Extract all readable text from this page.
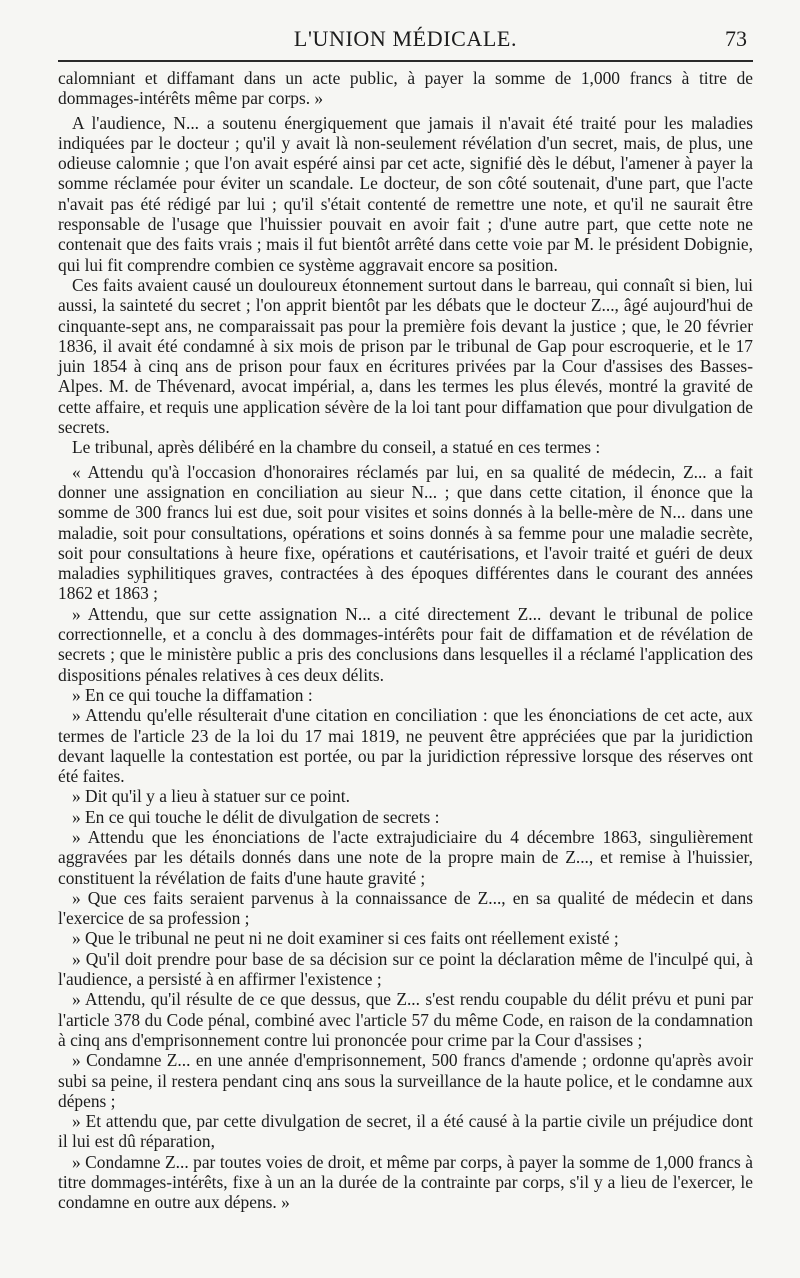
L'UNION MÉDICALE.	73

calomniant et diffamant dans un acte public, à payer la somme de 1,000 francs à titre de dommages-intérêts même par corps. »

A l'audience, N... a soutenu énergiquement que jamais il n'avait été traité pour les maladies indiquées par le docteur ; qu'il y avait là non-seulement révélation d'un secret, mais, de plus, une odieuse calomnie ; que l'on avait espéré ainsi par cet acte, signifié dès le début, l'amener à payer la somme réclamée pour éviter un scandale. Le docteur, de son côté soutenait, d'une part, que l'acte n'avait pas été rédigé par lui ; qu'il s'était contenté de remettre une note, et qu'il ne saurait être responsable de l'usage que l'huissier pouvait en avoir fait ; d'une autre part, que cette note ne contenait que des faits vrais ; mais il fut bientôt arrêté dans cette voie par M. le président Dobignie, qui lui fit comprendre combien ce système aggravait encore sa position.

Ces faits avaient causé un douloureux étonnement surtout dans le barreau, qui connaît si bien, lui aussi, la sainteté du secret ; l'on apprit bientôt par les débats que le docteur Z..., âgé aujourd'hui de cinquante-sept ans, ne comparaissait pas pour la première fois devant la justice ; que, le 20 février 1836, il avait été condamné à six mois de prison par le tribunal de Gap pour escroquerie, et le 17 juin 1854 à cinq ans de prison pour faux en écritures privées par la Cour d'assises des Basses-Alpes. M. de Thévenard, avocat impérial, a, dans les termes les plus élevés, montré la gravité de cette affaire, et requis une application sévère de la loi tant pour diffamation que pour divulgation de secrets.

Le tribunal, après délibéré en la chambre du conseil, a statué en ces termes :

« Attendu qu'à l'occasion d'honoraires réclamés par lui, en sa qualité de médecin, Z... a fait donner une assignation en conciliation au sieur N... ; que dans cette citation, il énonce que la somme de 300 francs lui est due, soit pour visites et soins donnés à la belle-mère de N... dans une maladie, soit pour consultations, opérations et soins donnés à sa femme pour une maladie secrète, soit pour consultations à heure fixe, opérations et cautérisations, et l'avoir traité et guéri de deux maladies syphilitiques graves, contractées à des époques différentes dans le courant des années 1862 et 1863 ;

» Attendu, que sur cette assignation N... a cité directement Z... devant le tribunal de police correctionnelle, et a conclu à des dommages-intérêts pour fait de diffamation et de révélation de secrets ; que le ministère public a pris des conclusions dans lesquelles il a réclamé l'application des dispositions pénales relatives à ces deux délits.

» En ce qui touche la diffamation :

» Attendu qu'elle résulterait d'une citation en conciliation : que les énonciations de cet acte, aux termes de l'article 23 de la loi du 17 mai 1819, ne peuvent être appréciées que par la juridiction devant laquelle la contestation est portée, ou par la juridiction répressive lorsque des réserves ont été faites.

» Dit qu'il y a lieu à statuer sur ce point.

» En ce qui touche le délit de divulgation de secrets :

» Attendu que les énonciations de l'acte extrajudiciaire du 4 décembre 1863, singulièrement aggravées par les détails donnés dans une note de la propre main de Z..., et remise à l'huissier, constituent la révélation de faits d'une haute gravité ;

» Que ces faits seraient parvenus à la connaissance de Z..., en sa qualité de médecin et dans l'exercice de sa profession ;

» Que le tribunal ne peut ni ne doit examiner si ces faits ont réellement existé ;

» Qu'il doit prendre pour base de sa décision sur ce point la déclaration même de l'inculpé qui, à l'audience, a persisté à en affirmer l'existence ;

» Attendu, qu'il résulte de ce que dessus, que Z... s'est rendu coupable du délit prévu et puni par l'article 378 du Code pénal, combiné avec l'article 57 du même Code, en raison de la condamnation à cinq ans d'emprisonnement contre lui prononcée pour crime par la Cour d'assises ;

» Condamne Z... en une année d'emprisonnement, 500 francs d'amende ; ordonne qu'après avoir subi sa peine, il restera pendant cinq ans sous la surveillance de la haute police, et le condamne aux dépens ;

» Et attendu que, par cette divulgation de secret, il a été causé à la partie civile un préjudice dont il lui est dû réparation,

» Condamne Z... par toutes voies de droit, et même par corps, à payer la somme de 1,000 francs à titre dommages-intérêts, fixe à un an la durée de la contrainte par corps, s'il y a lieu de l'exercer, le condamne en outre aux dépens. »
